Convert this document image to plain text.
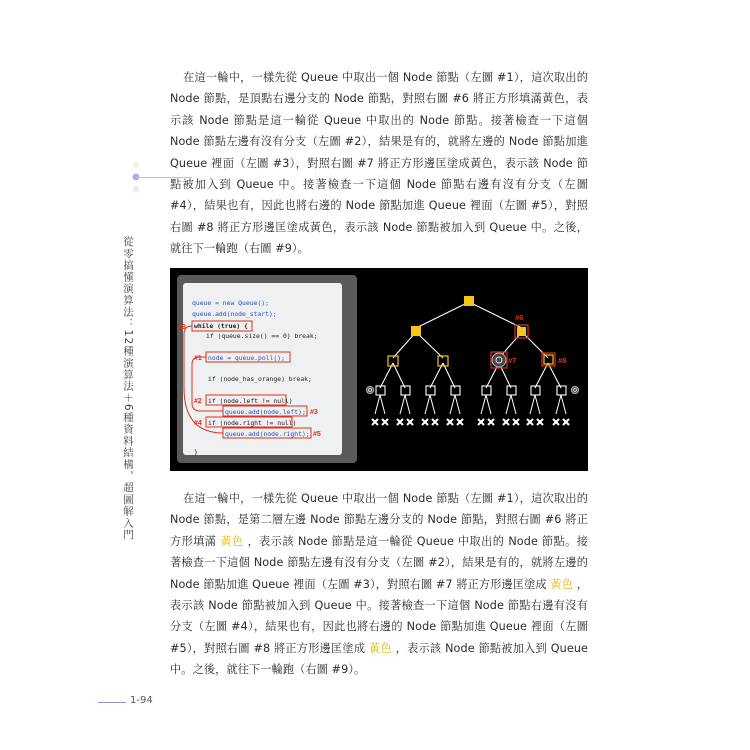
在這一輪中，一樣先從 Queue 中取出一個 Node 節點（左圖 #1），這次取出的 Node 節點，是頂點右邊分支的 Node 節點，對照右圖 #6 將正方形填滿黃色，表示該 Node 節點是這一輪從 Queue 中取出的 Node 節點。接著檢查一下這個 Node 節點左邊有沒有分支（左圖 #2），結果是有的，就將左邊的 Node 節點加進 Queue 裡面（左圖 #3），對照右圖 #7 將正方形邊匡塗成黃色，表示該 Node 節點被加入到 Queue 中。接著檢查一下這個 Node 節點右邊有沒有分支（左圖 #4），結果也有，因此也將右邊的 Node 節點加進 Queue 裡面（左圖 #5），對照右圖 #8 將正方形邊匡塗成黃色，表示該 Node 節點被加入到 Queue 中。之後，就往下一輪跑（右圖 #9）。
從零搞懂演算法：12種演算法＋6種資料結構，超圖解入門	queue = new Queue();
queue.add(node_start);
while (true) {
if (queue.size() == 0) break;
node = queue.poll();
if (node_has_orange) break;
if (node.left != null)
queue.add(node.left);
if (node.right != null)
queue.add(node.right);
}
#9
#1
#2
#3
#4
#5
#6
#7	#8
在這一輪中，一樣先從 Queue 中取出一個 Node 節點（左圖 #1），這次取出的 Node 節點，是第二層左邊 Node 節點左邊分支的 Node 節點，對照右圖 #6 將正方形填滿 黃色 ，表示該 Node 節點是這一輪從 Queue 中取出的 Node 節點。接著檢查一下這個 Node 節點左邊有沒有分支（左圖 #2），結果是有的，就將左邊的 Node 節點加進 Queue 裡面（左圖 #3），對照右圖 #7 將正方形邊匡塗成 黃色 ，表示該 Node 節點被加入到 Queue 中。接著檢查一下這個 Node 節點右邊有沒有分支（左圖 #4），結果也有，因此也將右邊的 Node 節點加進 Queue 裡面（左圖 #5），對照右圖 #8 將正方形邊匡塗成 黃色 ，表示該 Node 節點被加入到 Queue 中。之後，就往下一輪跑（右圖 #9）。
1-94
